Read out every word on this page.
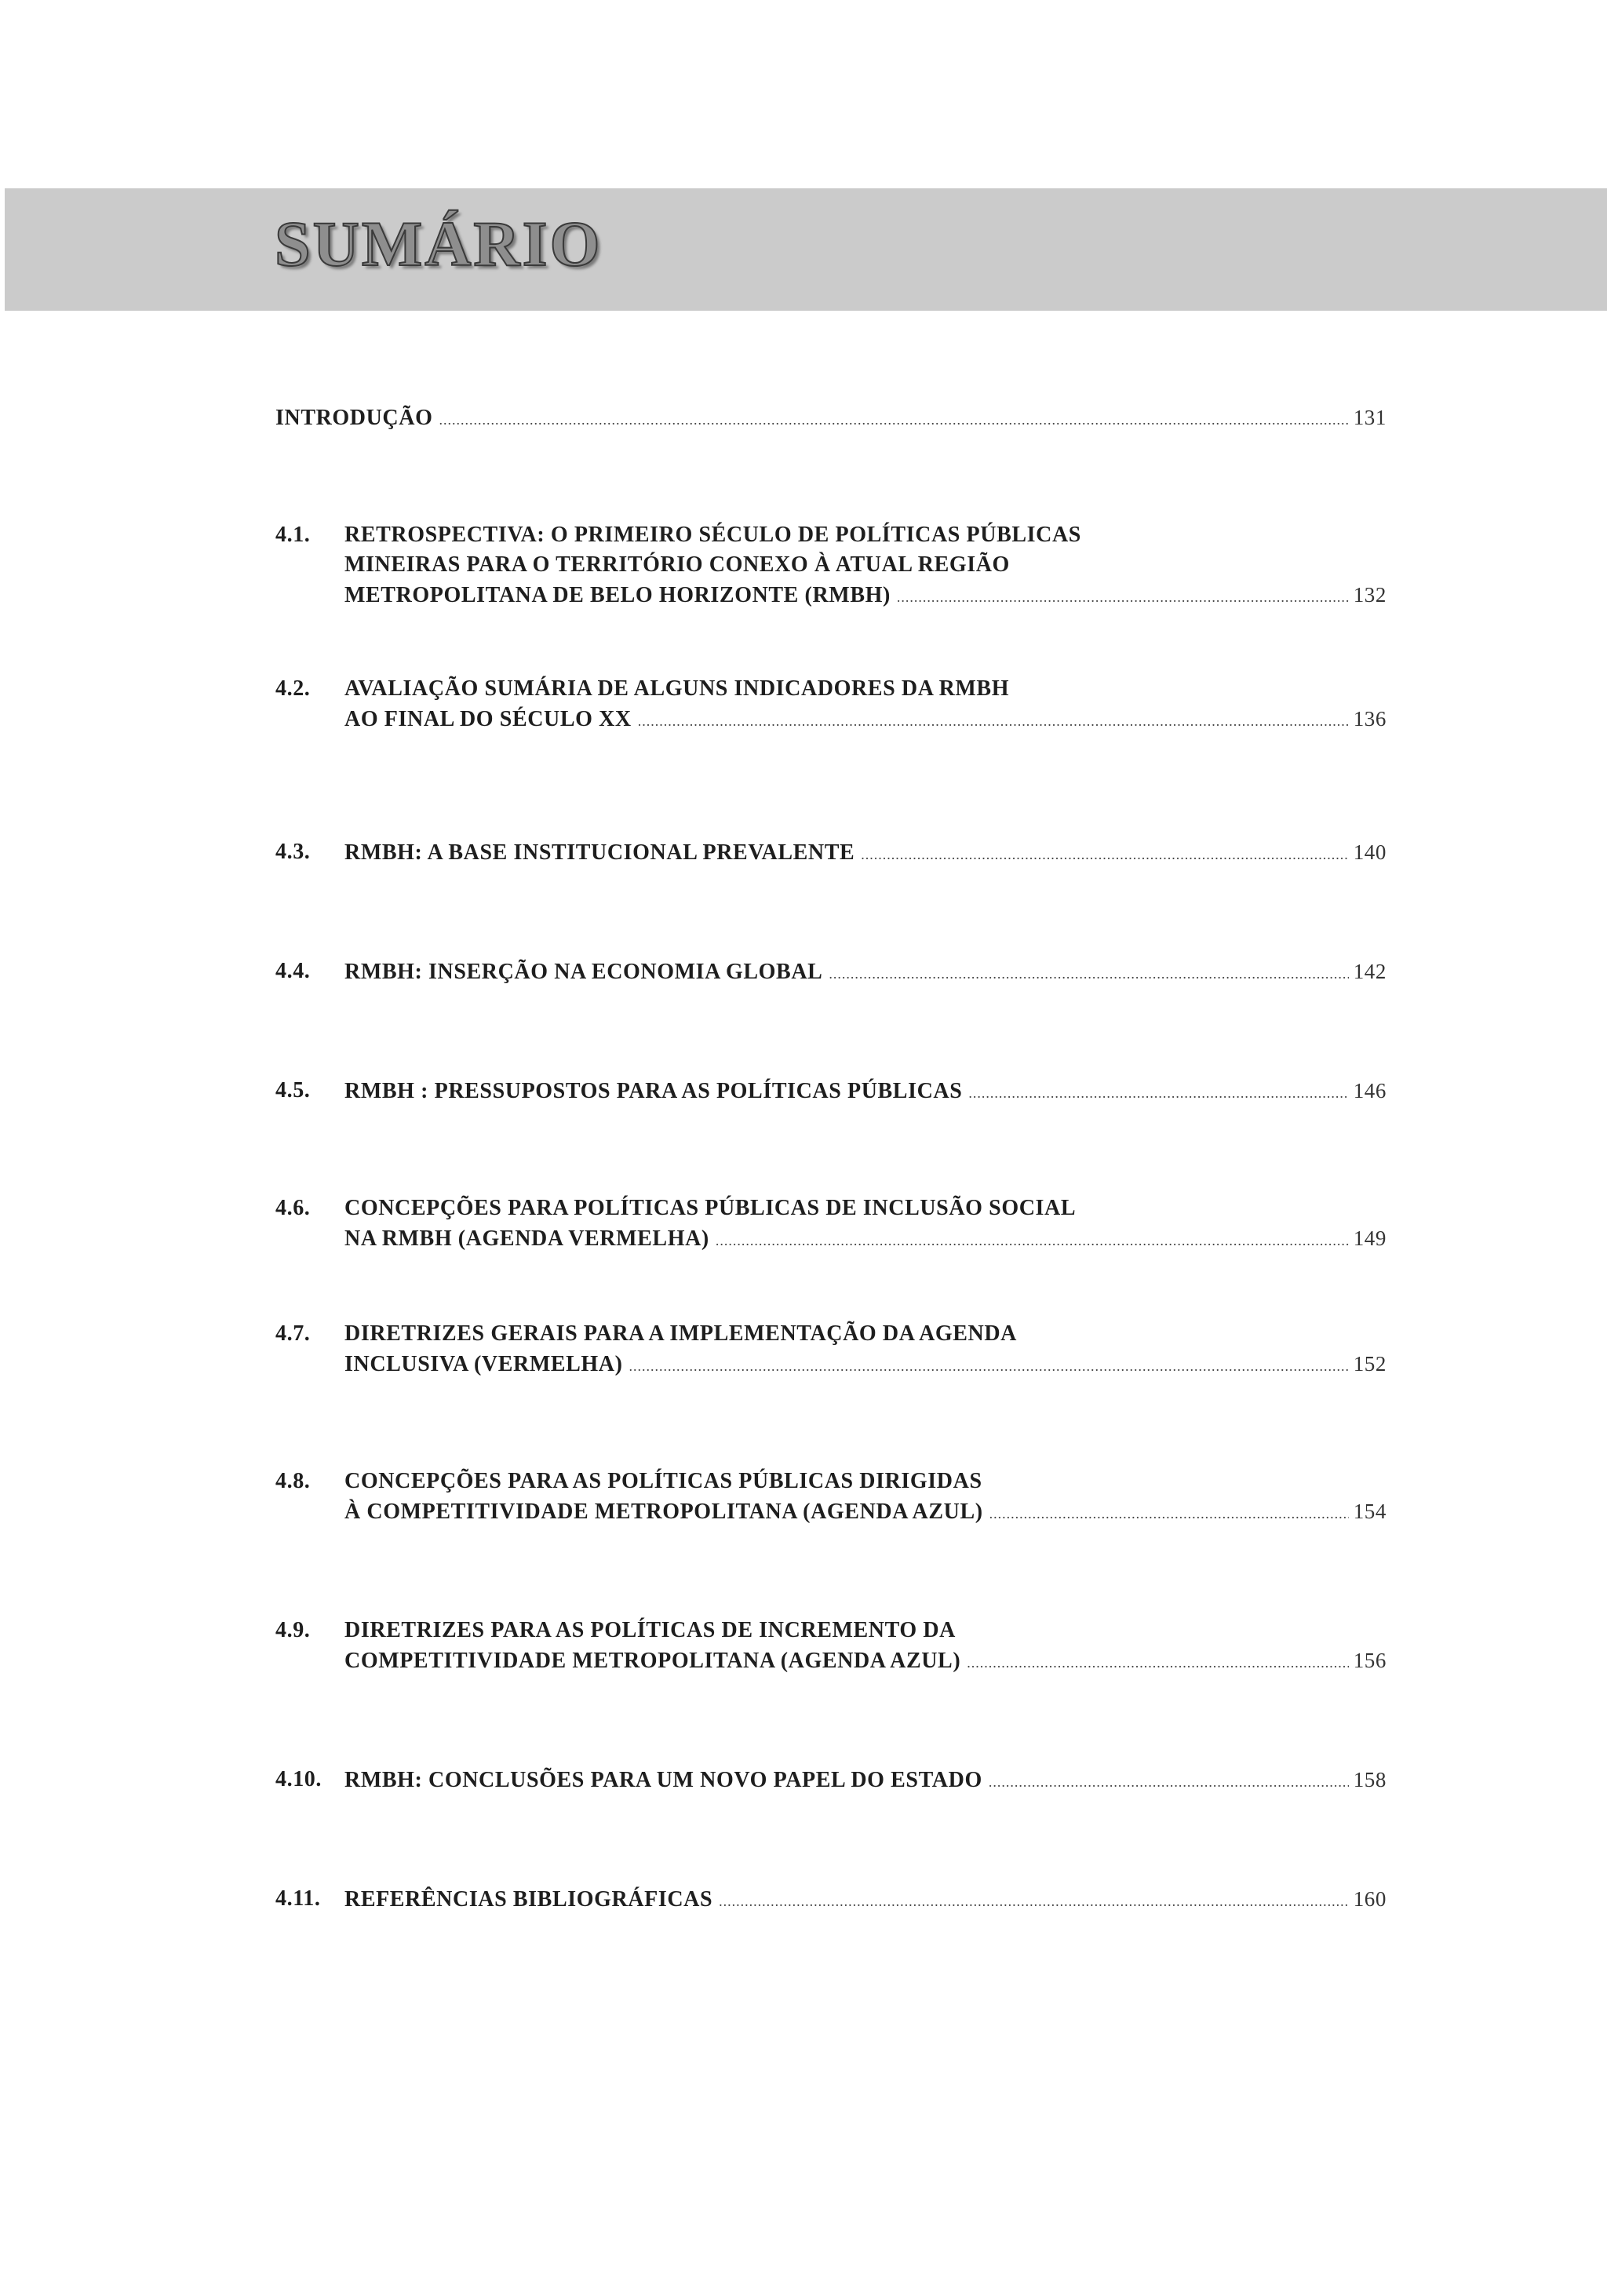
SUMÁRIO
INTRODUÇÃO .....	131
4.1.	RETROSPECTIVA: O PRIMEIRO SÉCULO DE POLÍTICAS PÚBLICAS
MINEIRAS PARA O TERRITÓRIO CONEXO À ATUAL REGIÃO
METROPOLITANA DE BELO HORIZONTE (RMBH) .....	132
4.2.	AVALIAÇÃO SUMÁRIA DE ALGUNS INDICADORES DA RMBH
AO FINAL DO SÉCULO XX .....	136
4.3.	RMBH: A BASE INSTITUCIONAL PREVALENTE .....	140
4.4.	RMBH: INSERÇÃO NA ECONOMIA GLOBAL .....	142
4.5.	RMBH : PRESSUPOSTOS PARA AS POLÍTICAS PÚBLICAS .....	146
4.6.	CONCEPÇÕES PARA POLÍTICAS PÚBLICAS DE INCLUSÃO SOCIAL
NA RMBH (AGENDA VERMELHA) .....	149
4.7.	DIRETRIZES GERAIS PARA A IMPLEMENTAÇÃO DA AGENDA
INCLUSIVA (VERMELHA) .....	152
4.8.	CONCEPÇÕES PARA AS POLÍTICAS PÚBLICAS DIRIGIDAS
À COMPETITIVIDADE METROPOLITANA (AGENDA AZUL) .....	154
4.9.	DIRETRIZES PARA AS POLÍTICAS DE INCREMENTO DA
COMPETITIVIDADE METROPOLITANA (AGENDA AZUL) .....	156
4.10.	RMBH: CONCLUSÕES PARA UM NOVO PAPEL DO ESTADO .....	158
4.11.	REFERÊNCIAS BIBLIOGRÁFICAS .....	160
